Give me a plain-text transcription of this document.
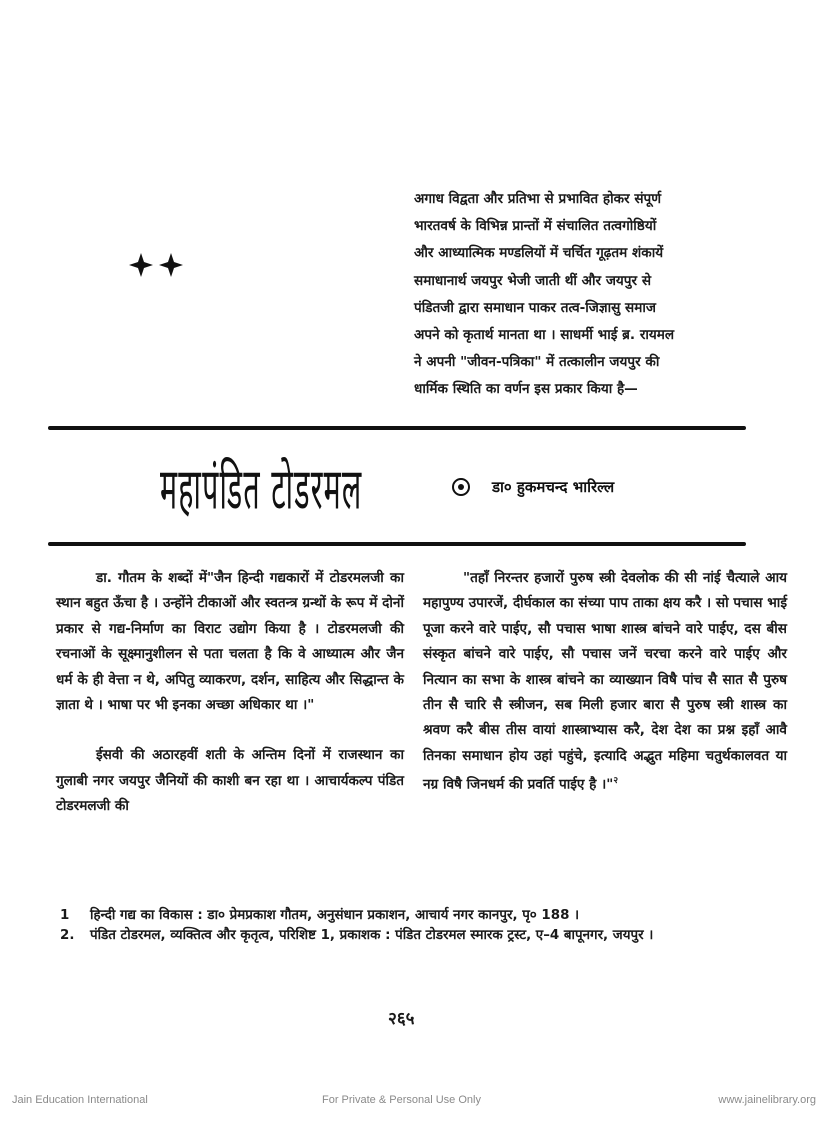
अगाध विद्वता और प्रतिभा से प्रभावित होकर संपूर्ण

भारतवर्ष के विभिन्न प्रान्तों में संचालित तत्वगोष्ठियों

और आध्यात्मिक मण्डलियों में चर्चित गूढ़तम शंकायें

समाधानार्थ जयपुर भेजी जाती थीं और जयपुर से

पंडितजी द्वारा समाधान पाकर तत्व-जिज्ञासु समाज

अपने को कृतार्थ मानता था । साधर्मी भाई ब्र. रायमल

ने अपनी "जीवन-पत्रिका" में तत्कालीन जयपुर की

धार्मिक स्थिति का वर्णन इस प्रकार किया है—

महापंडित टोडरमल	डा० हुकमचन्द भारिल्ल

डा. गौतम के शब्दों में"जैन हिन्दी गद्यकारों में टोडरमलजी का स्थान बहुत ऊँचा है । उन्होंने टीकाओं और स्वतन्त्र ग्रन्थों के रूप में दोनों प्रकार से गद्य-निर्माण का विराट उद्योग किया है । टोडरमलजी की रचनाओं के सूक्ष्मानुशीलन से पता चलता है कि वे आध्यात्म और जैन धर्म के ही वेत्ता न थे, अपितु व्याकरण, दर्शन, साहित्य और सिद्धान्त के ज्ञाता थे । भाषा पर भी इनका अच्छा अधिकार था ।"

ईसवी की अठारहवीं शती के अन्तिम दिनों में राजस्थान का गुलाबी नगर जयपुर जैनियों की काशी बन रहा था । आचार्यकल्प पंडित टोडरमलजी की

"तहाँ निरन्तर हजारों पुरुष स्त्री देवलोक की सी नांई चैत्याले आय महापुण्य उपारजें, दीर्घकाल का संच्या पाप ताका क्षय करै । सो पचास भाई पूजा करने वारे पाईए, सौ पचास भाषा शास्त्र बांचने वारे पाईए, दस बीस संस्कृत बांचने वारे पाईए, सौ पचास जनें चरचा करने वारे पाईए और नित्यान का सभा के शास्त्र बांचने का व्याख्यान विषै पांच सै सात सै पुरुष तीन सै चारि सै स्त्रीजन, सब मिली हजार बारा सै पुरुष स्त्री शास्त्र का श्रवण करै बीस तीस वायां शास्त्राभ्यास करै, देश देश का प्रश्न इहाँ आवै तिनका समाधान होय उहां पहुंचे, इत्यादि अद्भुत महिमा चतुर्थकालवत या नग्र विषै जिनधर्म की प्रवर्ति पाईए है ।"$^२$

1	हिन्दी गद्य का विकास : डा० प्रेमप्रकाश गौतम, अनुसंधान प्रकाशन, आचार्य नगर कानपुर, पृ० 188 ।
2.	पंडित टोडरमल, व्यक्तित्व और कृतृत्व, परिशिष्ट 1, प्रकाशक : पंडित टोडरमल स्मारक ट्रस्ट, ए–4 बापूनगर, जयपुर ।
२६५
Jain Education International	For Private & Personal Use Only	www.jainelibrary.org
